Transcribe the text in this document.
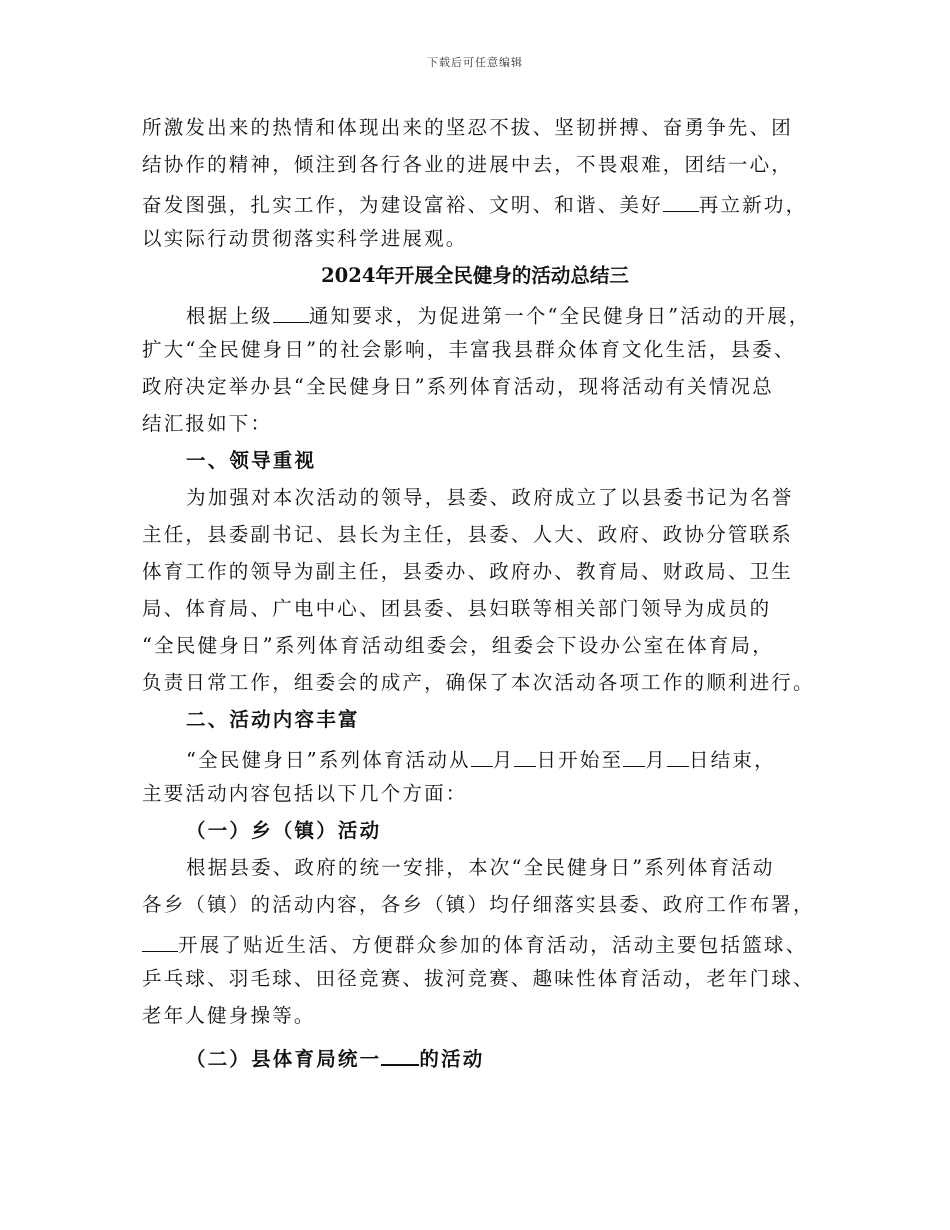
下载后可任意编辑
所激发出来的热情和体现出来的坚忍不拔、坚韧拼搏、奋勇争先、团
结协作的精神，倾注到各行各业的进展中去，不畏艰难，团结一心，
奋发图强，扎实工作，为建设富裕、文明、和谐、美好 再立新功，
以实际行动贯彻落实科学进展观。
2024年开展全民健身的活动总结三
根据上级 通知要求，为促进第一个“全民健身日”活动的开展，
扩大“全民健身日”的社会影响，丰富我县群众体育文化生活，县委、
政府决定举办县“全民健身日”系列体育活动，现将活动有关情况总
结汇报如下：
一、领导重视
为加强对本次活动的领导，县委、政府成立了以县委书记为名誉
主任，县委副书记、县长为主任，县委、人大、政府、政协分管联系
体育工作的领导为副主任，县委办、政府办、教育局、财政局、卫生
局、体育局、广电中心、团县委、县妇联等相关部门领导为成员的
“全民健身日”系列体育活动组委会，组委会下设办公室在体育局，
负责日常工作，组委会的成产，确保了本次活动各项工作的顺利进行。
二、活动内容丰富
“全民健身日”系列体育活动从 月 日开始至 月 日结束，
主要活动内容包括以下几个方面：
（一）乡（镇）活动
根据县委、政府的统一安排，本次“全民健身日”系列体育活动
各乡（镇）的活动内容，各乡（镇）均仔细落实县委、政府工作布署，
开展了贴近生活、方便群众参加的体育活动，活动主要包括篮球、
乒乓球、羽毛球、田径竞赛、拔河竞赛、趣味性体育活动，老年门球、
老年人健身操等。
（二）县体育局统一 的活动
